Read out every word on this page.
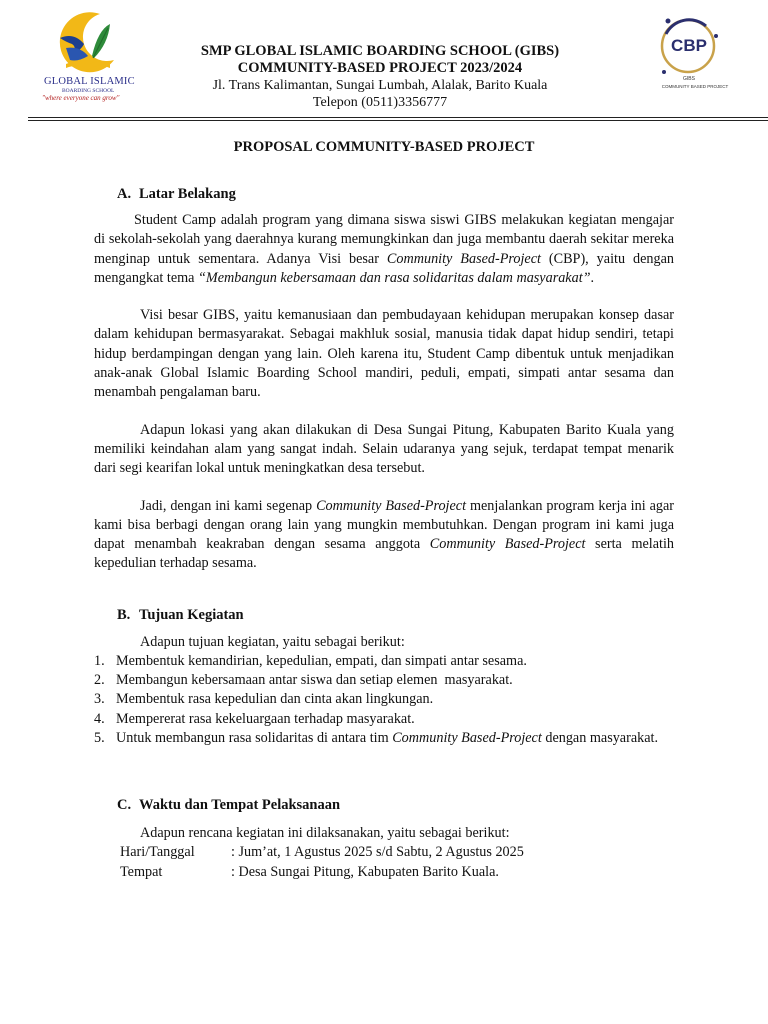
GLOBAL ISLAMIC
BOARDING SCHOOL
"where everyone can grow"
SMP GLOBAL ISLAMIC BOARDING SCHOOL (GIBS)
COMMUNITY-BASED PROJECT 2023/2024
Jl. Trans Kalimantan, Sungai Lumbah, Alalak, Barito Kuala
Telepon (0511)3356777
CBP
GIBS
COMMUNITY BASED PROJECT
PROPOSAL COMMUNITY-BASED PROJECT
A. Latar Belakang

Student Camp adalah program yang dimana siswa siswi GIBS melakukan kegiatan mengajar di sekolah-sekolah yang daerahnya kurang memungkinkan dan juga membantu daerah sekitar mereka menginap untuk sementara. Adanya Visi besar Community Based-Project (CBP), yaitu dengan mengangkat tema “Membangun kebersamaan dan rasa solidaritas dalam masyarakat”.

Visi besar GIBS, yaitu kemanusiaan dan pembudayaan kehidupan merupakan konsep dasar dalam kehidupan bermasyarakat. Sebagai makhluk sosial, manusia tidak dapat hidup sendiri, tetapi hidup berdampingan dengan yang lain. Oleh karena itu, Student Camp dibentuk untuk menjadikan anak-anak Global Islamic Boarding School mandiri, peduli, empati, simpati antar sesama dan menambah pengalaman baru.

Adapun lokasi yang akan dilakukan di Desa Sungai Pitung, Kabupaten Barito Kuala yang memiliki keindahan alam yang sangat indah. Selain udaranya yang sejuk, terdapat tempat menarik dari segi kearifan lokal untuk meningkatkan desa tersebut.

Jadi, dengan ini kami segenap Community Based-Project menjalankan program kerja ini agar kami bisa berbagi dengan orang lain yang mungkin membutuhkan. Dengan program ini kami juga dapat menambah keakraban dengan sesama anggota Community Based-Project serta melatih kepedulian terhadap sesama.

B. Tujuan Kegiatan
Adapun tujuan kegiatan, yaitu sebagai berikut:
1. Membentuk kemandirian, kepedulian, empati, dan simpati antar sesama.
2. Membangun kebersamaan antar siswa dan setiap elemen  masyarakat.
3. Membentuk rasa kepedulian dan cinta akan lingkungan.
4. Mempererat rasa kekeluargaan terhadap masyarakat.
5. Untuk membangun rasa solidaritas di antara tim Community Based-Project dengan masyarakat.
C. Waktu dan Tempat Pelaksanaan
Adapun rencana kegiatan ini dilaksanakan, yaitu sebagai berikut:
Hari/Tanggal	: Jum’at, 1 Agustus 2025 s/d Sabtu, 2 Agustus 2025
Tempat	: Desa Sungai Pitung, Kabupaten Barito Kuala.
